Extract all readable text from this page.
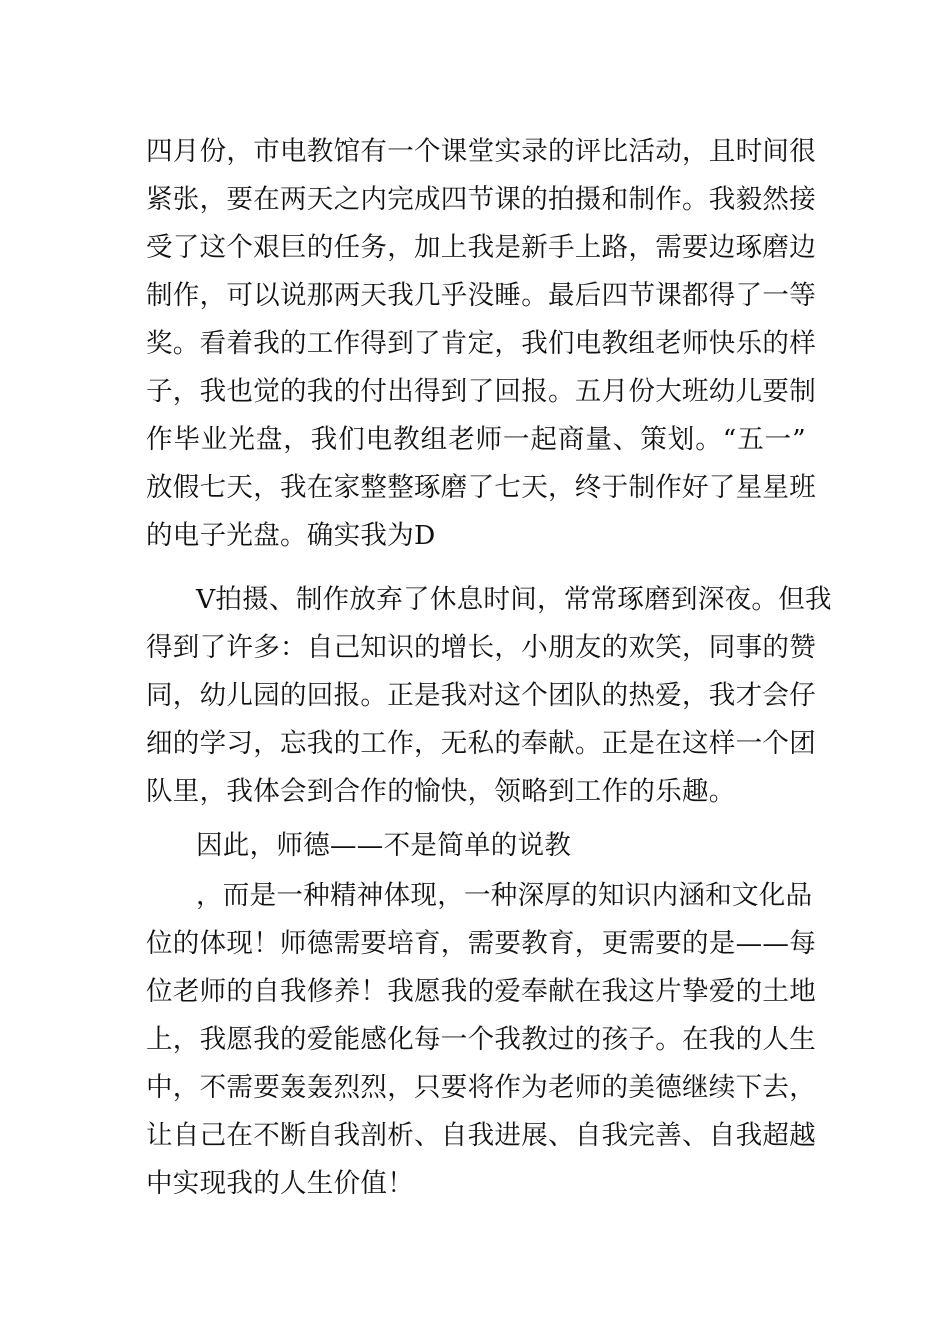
四月份，市电教馆有一个课堂实录的评比活动，且时间很
紧张，要在两天之内完成四节课的拍摄和制作。我毅然接
受了这个艰巨的任务，加上我是新手上路，需要边琢磨边
制作，可以说那两天我几乎没睡。最后四节课都得了一等
奖。看着我的工作得到了肯定，我们电教组老师快乐的样
子，我也觉的我的付出得到了回报。五月份大班幼儿要制
作毕业光盘，我们电教组老师一起商量、策划。“五一”
放假七天，我在家整整琢磨了七天，终于制作好了星星班
的电子光盘。确实我为D
V拍摄、制作放弃了休息时间，常常琢磨到深夜。但我
得到了许多：自己知识的增长，小朋友的欢笑，同事的赞
同，幼儿园的回报。正是我对这个团队的热爱，我才会仔
细的学习，忘我的工作，无私的奉献。正是在这样一个团
队里，我体会到合作的愉快，领略到工作的乐趣。
因此，师德——不是简单的说教
，而是一种精神体现，一种深厚的知识内涵和文化品
位的体现！师德需要培育，需要教育，更需要的是——每
位老师的自我修养！我愿我的爱奉献在我这片挚爱的土地
上，我愿我的爱能感化每一个我教过的孩子。在我的人生
中，不需要轰轰烈烈，只要将作为老师的美德继续下去，
让自己在不断自我剖析、自我进展、自我完善、自我超越
中实现我的人生价值！
